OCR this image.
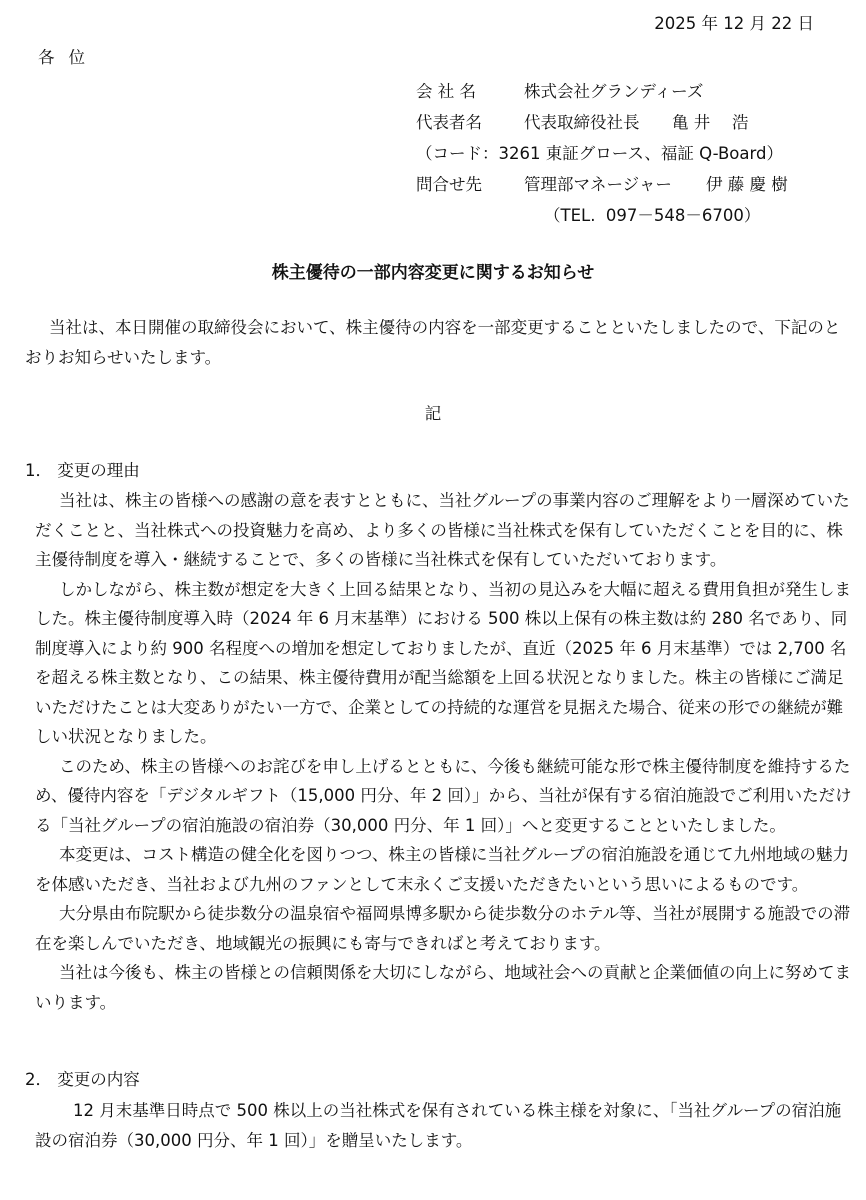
2025 年 12 月 22 日
各位
会 社 名	株式会社グランディーズ
代表者名	代表取締役社長	亀 井　 浩
（コード：3261 東証グロース、福証 Q-Board）
問合せ先	管理部マネージャー	伊 藤 慶 樹
（TEL.  097－548－6700）
株主優待の一部内容変更に関するお知らせ

当社は、本日開催の取締役会において、株主優待の内容を一部変更することといたしましたので、下記のとおりお知らせいたします。

記
1． 変更の理由

当社は、株主の皆様への感謝の意を表すとともに、当社グループの事業内容のご理解をより一層深めていただくことと、当社株式への投資魅力を高め、より多くの皆様に当社株式を保有していただくことを目的に、株主優待制度を導入・継続することで、多くの皆様に当社株式を保有していただいております。

しかしながら、株主数が想定を大きく上回る結果となり、当初の見込みを大幅に超える費用負担が発生しました。株主優待制度導入時（2024 年 6 月末基準）における 500 株以上保有の株主数は約 280 名であり、同制度導入により約 900 名程度への増加を想定しておりましたが、直近（2025 年 6 月末基準）では 2,700 名を超える株主数となり、この結果、株主優待費用が配当総額を上回る状況となりました。株主の皆様にご満足いただけたことは大変ありがたい一方で、企業としての持続的な運営を見据えた場合、従来の形での継続が難しい状況となりました。

このため、株主の皆様へのお詫びを申し上げるとともに、今後も継続可能な形で株主優待制度を維持するため、優待内容を「デジタルギフト（15,000 円分、年 2 回）」から、当社が保有する宿泊施設でご利用いただける「当社グループの宿泊施設の宿泊券（30,000 円分、年 1 回）」へと変更することといたしました。

本変更は、コスト構造の健全化を図りつつ、株主の皆様に当社グループの宿泊施設を通じて九州地域の魅力を体感いただき、当社および九州のファンとして末永くご支援いただきたいという思いによるものです。

大分県由布院駅から徒歩数分の温泉宿や福岡県博多駅から徒歩数分のホテル等、当社が展開する施設での滞在を楽しんでいただき、地域観光の振興にも寄与できればと考えております。

当社は今後も、株主の皆様との信頼関係を大切にしながら、地域社会への貢献と企業価値の向上に努めてまいります。

2． 変更の内容

12 月末基準日時点で 500 株以上の当社株式を保有されている株主様を対象に、「当社グループの宿泊施設の宿泊券（30,000 円分、年 1 回）」を贈呈いたします。
